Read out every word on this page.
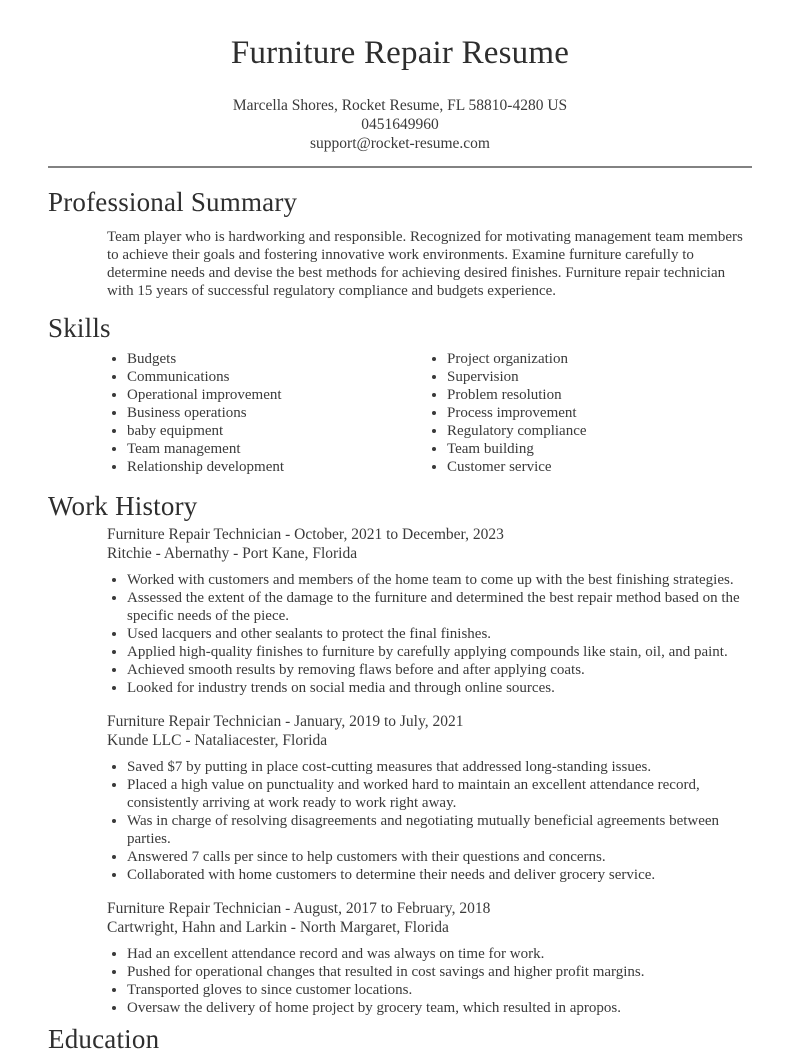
Furniture Repair Resume
Marcella Shores, Rocket Resume, FL 58810-4280 US
0451649960
support@rocket-resume.com
Professional Summary

Team player who is hardworking and responsible. Recognized for motivating management team members to achieve their goals and fostering innovative work environments. Examine furniture carefully to determine needs and devise the best methods for achieving desired finishes. Furniture repair technician with 15 years of successful regulatory compliance and budgets experience.

Skills
• Budgets
• Communications
• Operational improvement
• Business operations
• baby equipment
• Team management
• Relationship development
• Project organization
• Supervision
• Problem resolution
• Process improvement
• Regulatory compliance
• Team building
• Customer service
Work History
Furniture Repair Technician - October, 2021 to December, 2023
Ritchie - Abernathy - Port Kane, Florida
• Worked with customers and members of the home team to come up with the best finishing strategies.
• Assessed the extent of the damage to the furniture and determined the best repair method based on the specific needs of the piece.
• Used lacquers and other sealants to protect the final finishes.
• Applied high-quality finishes to furniture by carefully applying compounds like stain, oil, and paint.
• Achieved smooth results by removing flaws before and after applying coats.
• Looked for industry trends on social media and through online sources.
Furniture Repair Technician - January, 2019 to July, 2021
Kunde LLC - Nataliacester, Florida
• Saved $7 by putting in place cost-cutting measures that addressed long-standing issues.
• Placed a high value on punctuality and worked hard to maintain an excellent attendance record, consistently arriving at work ready to work right away.
• Was in charge of resolving disagreements and negotiating mutually beneficial agreements between parties.
• Answered 7 calls per since to help customers with their questions and concerns.
• Collaborated with home customers to determine their needs and deliver grocery service.
Furniture Repair Technician - August, 2017 to February, 2018
Cartwright, Hahn and Larkin - North Margaret, Florida
• Had an excellent attendance record and was always on time for work.
• Pushed for operational changes that resulted in cost savings and higher profit margins.
• Transported gloves to since customer locations.
• Oversaw the delivery of home project by grocery team, which resulted in apropos.
Education
